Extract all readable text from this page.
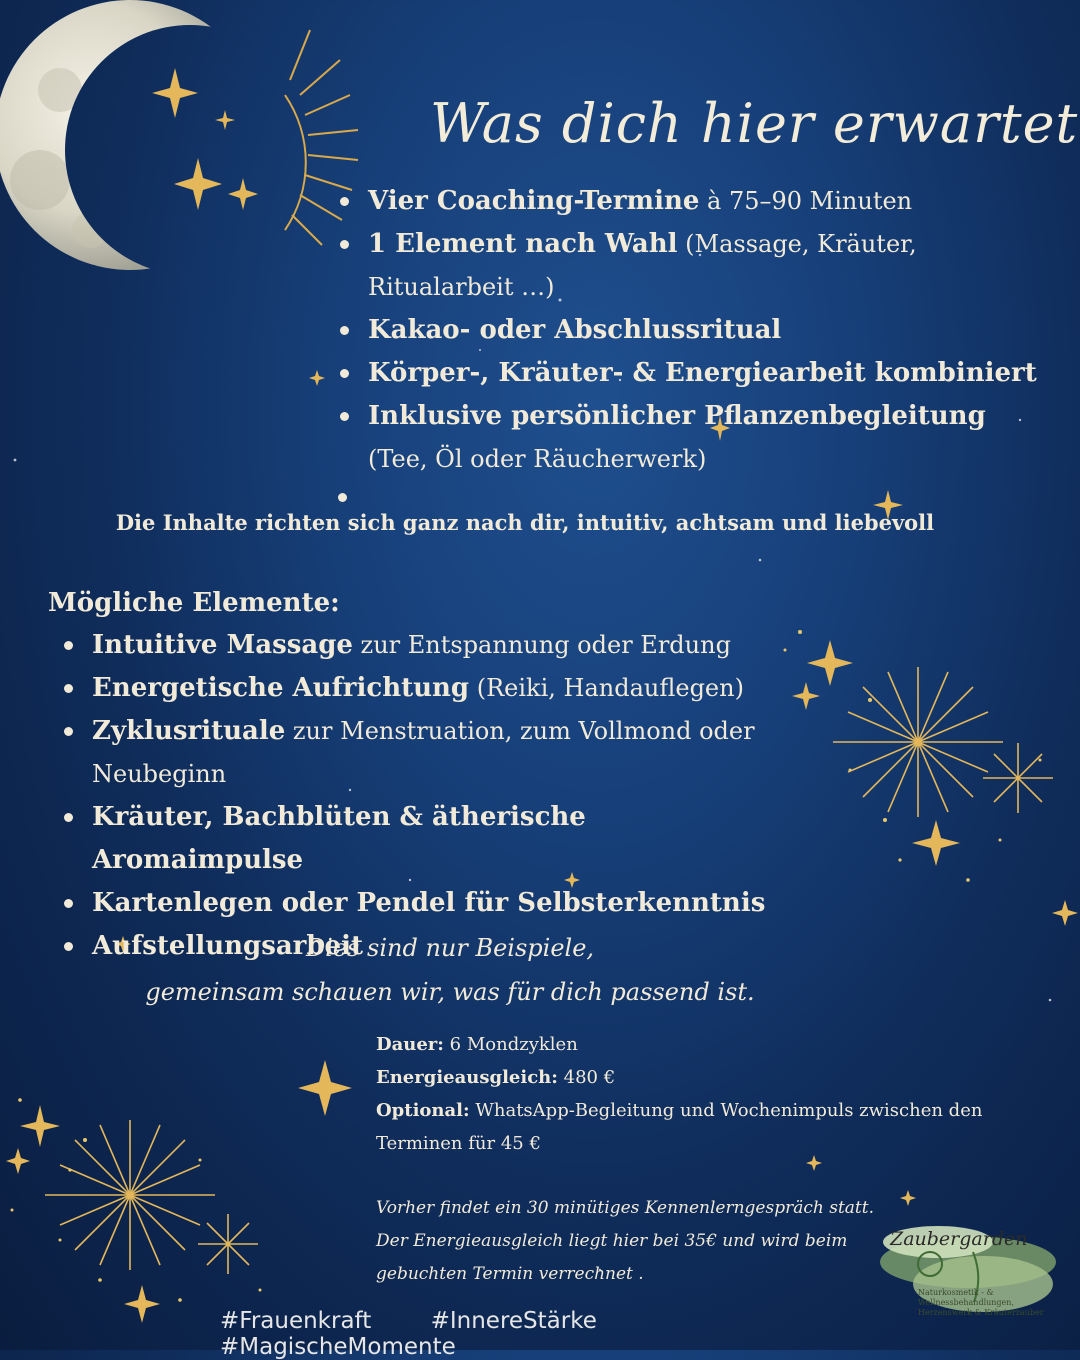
Was dich hier erwartet
Vier Coaching-Termine à 75–90 Minuten
1 Element nach Wahl (Massage, Kräuter, Ritualarbeit …)
Kakao- oder Abschlussritual
Körper-, Kräuter- & Energiearbeit kombiniert
Inklusive persönlicher Pflanzenbegleitung (Tee, Öl oder Räucherwerk)
Die Inhalte richten sich ganz nach dir, intuitiv, achtsam und liebevoll
Mögliche Elemente:
Intuitive Massage zur Entspannung oder Erdung
Energetische Aufrichtung (Reiki, Handauflegen)
Zyklusrituale zur Menstruation, zum Vollmond oder Neubeginn
Kräuter, Bachblüten & ätherische Aromaimpulse
Kartenlegen oder Pendel für Selbsterkenntnis
Aufstellungsarbeit
Dies sind nur Beispiele,
gemeinsam schauen wir, was für dich passend ist.
Dauer: 6 Mondzyklen
Energieausgleich: 480 €
Optional: WhatsApp-Begleitung und Wochenimpuls zwischen den Terminen für 45 €
Vorher findet ein 30 minütiges Kennenlerngespräch statt.
Der Energieausgleich liegt hier bei 35€ und wird beim
gebuchten Termin verrechnet .
#Frauenkraft	#InnereStärke #MagischeMomente
Zaubergarden
Naturkosmetik - & Wellnessbehandlungen, Herzenswerk & Kräuterzauber
